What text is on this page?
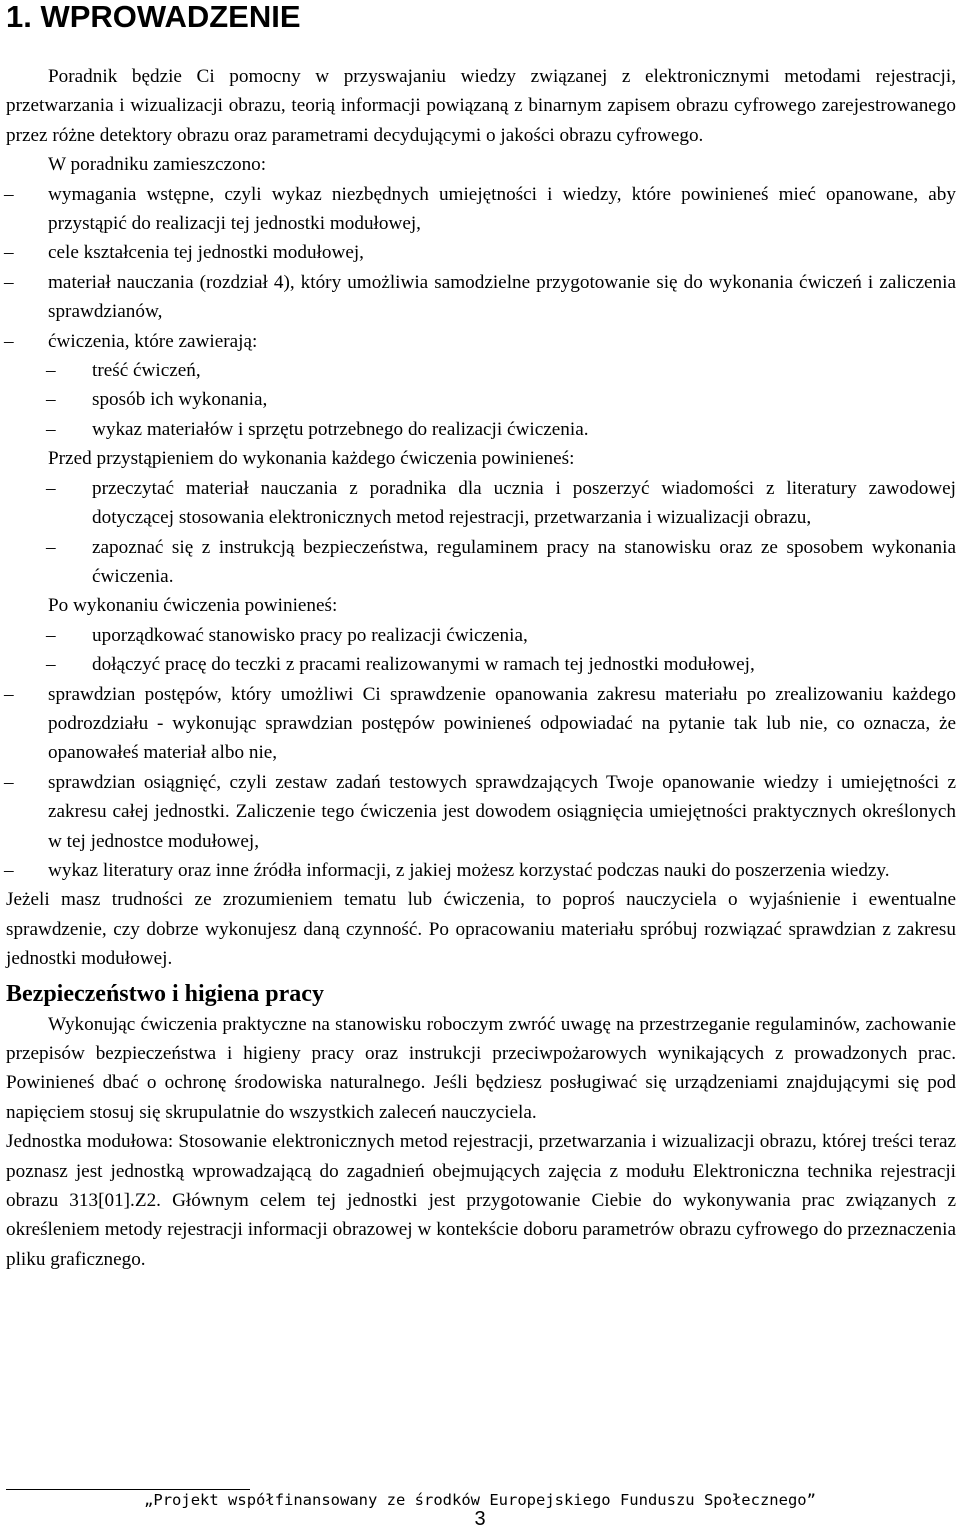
1. WPROWADZENIE

Poradnik będzie Ci pomocny w przyswajaniu wiedzy związanej z elektronicznymi metodami rejestracji, przetwarzania i wizualizacji obrazu, teorią informacji powiązaną z binarnym zapisem obrazu cyfrowego zarejestrowanego przez różne detektory obrazu oraz parametrami decydującymi o jakości obrazu cyfrowego.

W poradniku zamieszczono:

–	wymagania wstępne, czyli wykaz niezbędnych umiejętności i wiedzy, które powinieneś mieć opanowane, aby przystąpić do realizacji tej jednostki modułowej,
–	cele kształcenia tej jednostki modułowej,
–	materiał nauczania (rozdział 4), który umożliwia samodzielne przygotowanie się do wykonania ćwiczeń i zaliczenia sprawdzianów,
–	ćwiczenia, które zawierają:
–	treść ćwiczeń,
–	sposób ich wykonania,
–	wykaz materiałów i sprzętu potrzebnego do realizacji ćwiczenia.

Przed przystąpieniem do wykonania każdego ćwiczenia powinieneś:

–	przeczytać materiał nauczania z poradnika dla ucznia i poszerzyć wiadomości z literatury zawodowej dotyczącej stosowania elektronicznych metod rejestracji, przetwarzania i wizualizacji obrazu,
–	zapoznać się z instrukcją bezpieczeństwa, regulaminem pracy na stanowisku oraz ze sposobem wykonania ćwiczenia.

Po wykonaniu ćwiczenia powinieneś:

–	uporządkować stanowisko pracy po realizacji ćwiczenia,
–	dołączyć pracę do teczki z pracami realizowanymi w ramach tej jednostki modułowej,
–	sprawdzian postępów, który umożliwi Ci sprawdzenie opanowania zakresu materiału po zrealizowaniu każdego podrozdziału - wykonując sprawdzian postępów powinieneś odpowiadać na pytanie tak lub nie, co oznacza, że opanowałeś materiał albo nie,
–	sprawdzian osiągnięć, czyli zestaw zadań testowych sprawdzających Twoje opanowanie wiedzy i umiejętności z zakresu całej jednostki. Zaliczenie tego ćwiczenia jest dowodem osiągnięcia umiejętności praktycznych określonych w tej jednostce modułowej,
–	wykaz literatury oraz inne źródła informacji, z jakiej możesz korzystać podczas nauki do poszerzenia wiedzy.

Jeżeli masz trudności ze zrozumieniem tematu lub ćwiczenia, to poproś nauczyciela o wyjaśnienie i ewentualne sprawdzenie, czy dobrze wykonujesz daną czynność. Po opracowaniu materiału spróbuj rozwiązać sprawdzian z zakresu jednostki modułowej.

Bezpieczeństwo i higiena pracy

Wykonując ćwiczenia praktyczne na stanowisku roboczym zwróć uwagę na przestrzeganie regulaminów, zachowanie przepisów bezpieczeństwa i higieny pracy oraz instrukcji przeciwpożarowych wynikających z prowadzonych prac. Powinieneś dbać o ochronę środowiska naturalnego. Jeśli będziesz posługiwać się urządzeniami znajdującymi się pod napięciem stosuj się skrupulatnie do wszystkich zaleceń nauczyciela.

Jednostka modułowa: Stosowanie elektronicznych metod rejestracji, przetwarzania i wizualizacji obrazu, której treści teraz poznasz jest jednostką wprowadzającą do zagadnień obejmujących zajęcia z modułu Elektroniczna technika rejestracji obrazu 313[01].Z2. Głównym celem tej jednostki jest przygotowanie Ciebie do wykonywania prac związanych z określeniem metody rejestracji informacji obrazowej w kontekście doboru parametrów obrazu cyfrowego do przeznaczenia pliku graficznego.

„Projekt współfinansowany ze środków Europejskiego Funduszu Społecznego”
3
